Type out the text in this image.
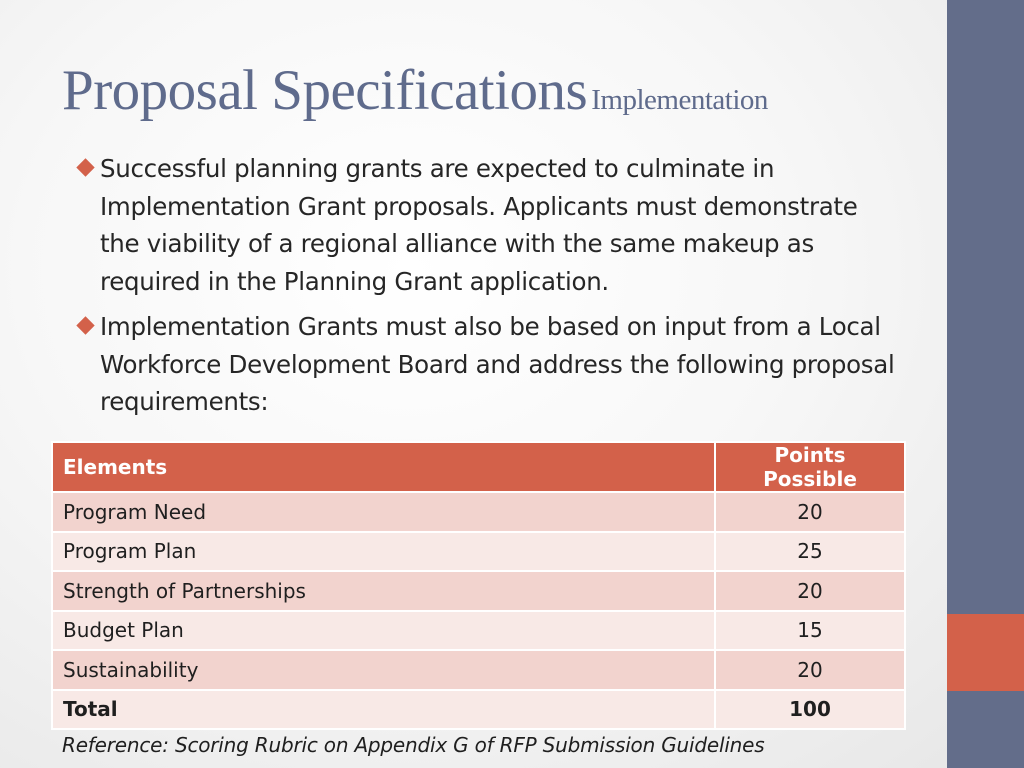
Proposal Specifications Implementation
Successful planning grants are expected to culminate in Implementation Grant proposals. Applicants must demonstrate the viability of a regional alliance with the same makeup as required in the Planning Grant application.
Implementation Grants must also be based on input from a Local Workforce Development Board and address the following proposal requirements:
Elements	Points Possible
Program Need	20
Program Plan	25
Strength of Partnerships	20
Budget Plan	15
Sustainability	20
Total	100
Reference: Scoring Rubric on Appendix G of RFP Submission Guidelines
